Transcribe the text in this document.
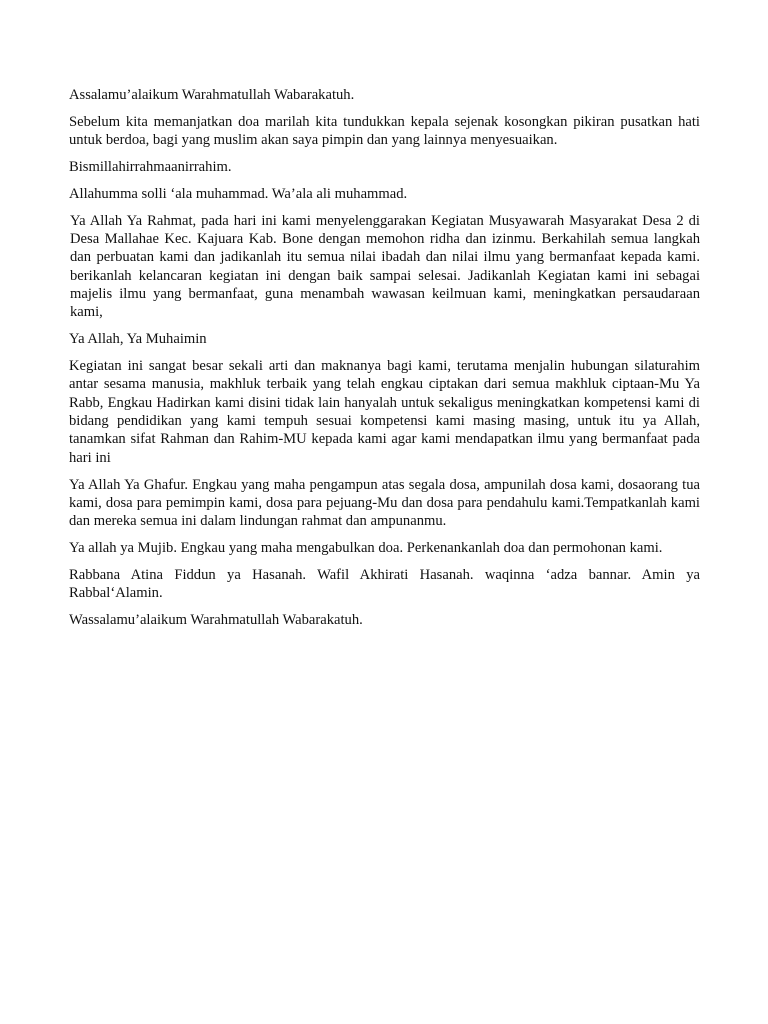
Assalamu’alaikum Warahmatullah Wabarakatuh.

Sebelum kita memanjatkan doa marilah kita tundukkan kepala sejenak kosongkan pikiran pusatkan hati untuk berdoa, bagi yang muslim akan saya pimpin dan yang lainnya menyesuaikan.

Bismillahirrahmaanirrahim.

Allahumma solli ‘ala muhammad. Wa’ala ali muhammad.

Ya Allah Ya Rahmat, pada hari ini kami menyelenggarakan Kegiatan Musyawarah Masyarakat Desa 2 di Desa Mallahae Kec. Kajuara Kab. Bone dengan memohon ridha dan izinmu. Berkahilah semua langkah dan perbuatan kami dan jadikanlah itu semua nilai ibadah dan nilai ilmu yang bermanfaat kepada kami. berikanlah kelancaran kegiatan ini dengan baik sampai selesai. Jadikanlah Kegiatan kami ini sebagai majelis ilmu yang bermanfaat, guna menambah wawasan keilmuan kami, meningkatkan persaudaraan kami,

Ya Allah, Ya Muhaimin

Kegiatan ini sangat besar sekali arti dan maknanya bagi kami, terutama menjalin hubungan silaturahim antar sesama manusia, makhluk terbaik yang telah engkau ciptakan dari semua makhluk ciptaan-Mu Ya Rabb, Engkau Hadirkan kami disini tidak lain hanyalah untuk sekaligus meningkatkan kompetensi kami di bidang pendidikan yang kami tempuh sesuai kompetensi kami masing masing, untuk itu ya Allah, tanamkan sifat Rahman dan Rahim-MU kepada kami agar kami mendapatkan ilmu yang bermanfaat pada hari ini

Ya Allah Ya Ghafur. Engkau yang maha pengampun atas segala dosa, ampunilah dosa kami, dosaorang tua kami, dosa para pemimpin kami, dosa para pejuang-Mu dan dosa para pendahulu kami.Tempatkanlah kami dan mereka semua ini dalam lindungan rahmat dan ampunanmu.

Ya allah ya Mujib. Engkau yang maha mengabulkan doa. Perkenankanlah doa dan permohonan kami.

Rabbana Atina Fiddun ya Hasanah. Wafil Akhirati Hasanah. waqinna ‘adza bannar. Amin ya Rabbal‘Alamin.

Wassalamu’alaikum Warahmatullah Wabarakatuh.
